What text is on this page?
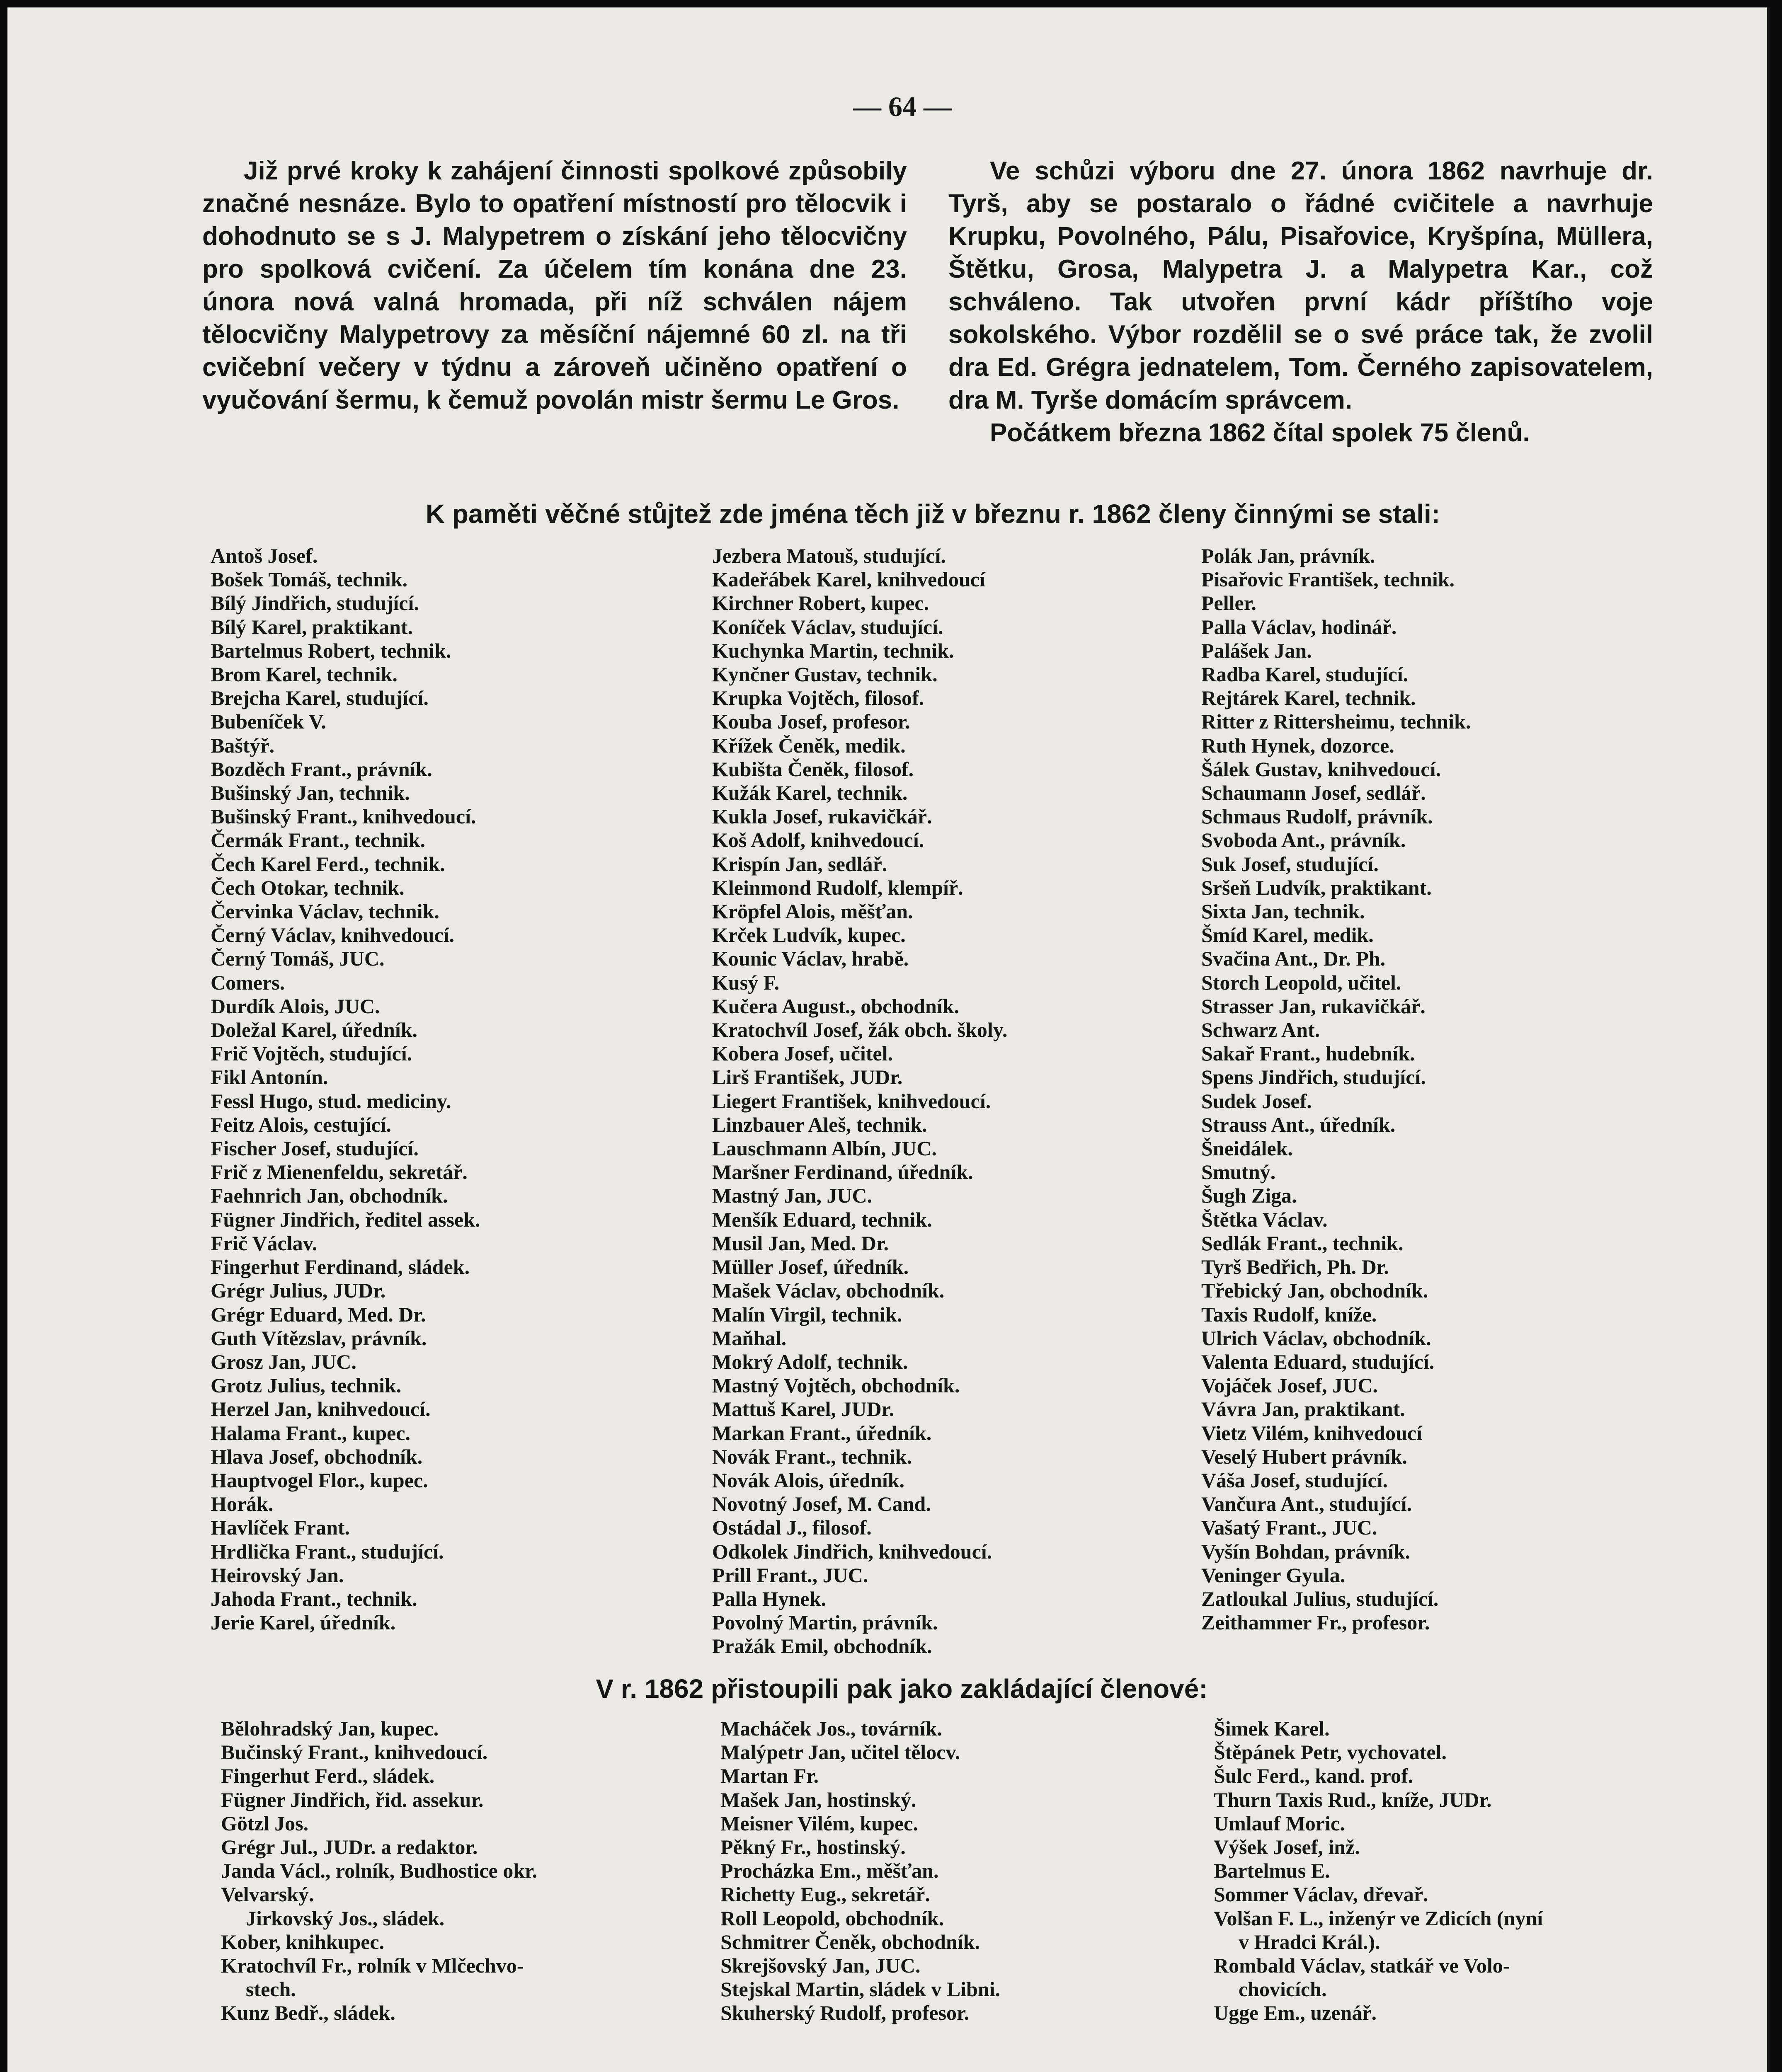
— 64 —

Již prvé kroky k zahájení činnosti spolkové způsobily značné nesnáze. Bylo to opatření místností pro tělocvik i dohodnuto se s J. Malypetrem o získání jeho tělocvičny pro spolková cvičení. Za účelem tím konána dne 23. února nová valná hromada, při níž schválen nájem tělocvičny Malypetrovy za měsíční nájemné 60 zl. na tři cvičební večery v týdnu a zároveň učiněno opatření o vyučování šermu, k čemuž povolán mistr šermu Le Gros.

Ve schůzi výboru dne 27. února 1862 navrhuje dr. Tyrš, aby se postaralo o řádné cvičitele a navrhuje Krupku, Povolného, Pálu, Pisařovice, Kryšpína, Müllera, Štětku, Grosa, Malypetra J. a Malypetra Kar., což schváleno. Tak utvořen první kádr příštího voje sokolského. Výbor rozdělil se o své práce tak, že zvolil dra Ed. Grégra jednatelem, Tom. Černého zapisovatelem, dra M. Tyrše domácím správcem.

Počátkem března 1862 čítal spolek 75 členů.

K paměti věčné stůjtež zde jména těch již v březnu r. 1862 členy činnými se stali:
Antoš Josef.
Bošek Tomáš, technik.
Bílý Jindřich, studující.
Bílý Karel, praktikant.
Bartelmus Robert, technik.
Brom Karel, technik.
Brejcha Karel, studující.
Bubeníček V.
Baštýř.
Bozděch Frant., právník.
Bušinský Jan, technik.
Bušinský Frant., knihvedoucí.
Čermák Frant., technik.
Čech Karel Ferd., technik.
Čech Otokar, technik.
Červinka Václav, technik.
Černý Václav, knihvedoucí.
Černý Tomáš, JUC.
Comers.
Durdík Alois, JUC.
Doležal Karel, úředník.
Frič Vojtěch, studující.
Fikl Antonín.
Fessl Hugo, stud. mediciny.
Feitz Alois, cestující.
Fischer Josef, studující.
Frič z Mienenfeldu, sekretář.
Faehnrich Jan, obchodník.
Fügner Jindřich, ředitel assek.
Frič Václav.
Fingerhut Ferdinand, sládek.
Grégr Julius, JUDr.
Grégr Eduard, Med. Dr.
Guth Vítězslav, právník.
Grosz Jan, JUC.
Grotz Julius, technik.
Herzel Jan, knihvedoucí.
Halama Frant., kupec.
Hlava Josef, obchodník.
Hauptvogel Flor., kupec.
Horák.
Havlíček Frant.
Hrdlička Frant., studující.
Heirovský Jan.
Jahoda Frant., technik.
Jerie Karel, úředník.
Jezbera Matouš, studující.
Kadeřábek Karel, knihvedoucí
Kirchner Robert, kupec.
Koníček Václav, studující.
Kuchynka Martin, technik.
Kynčner Gustav, technik.
Krupka Vojtěch, filosof.
Kouba Josef, profesor.
Křížek Čeněk, medik.
Kubišta Čeněk, filosof.
Kužák Karel, technik.
Kukla Josef, rukavičkář.
Koš Adolf, knihvedoucí.
Krispín Jan, sedlář.
Kleinmond Rudolf, klempíř.
Kröpfel Alois, měšťan.
Krček Ludvík, kupec.
Kounic Václav, hrabě.
Kusý F.
Kučera August., obchodník.
Kratochvíl Josef, žák obch. školy.
Kobera Josef, učitel.
Lirš František, JUDr.
Liegert František, knihvedoucí.
Linzbauer Aleš, technik.
Lauschmann Albín, JUC.
Maršner Ferdinand, úředník.
Mastný Jan, JUC.
Menšík Eduard, technik.
Musil Jan, Med. Dr.
Müller Josef, úředník.
Mašek Václav, obchodník.
Malín Virgil, technik.
Maňhal.
Mokrý Adolf, technik.
Mastný Vojtěch, obchodník.
Mattuš Karel, JUDr.
Markan Frant., úředník.
Novák Frant., technik.
Novák Alois, úředník.
Novotný Josef, M. Cand.
Ostádal J., filosof.
Odkolek Jindřich, knihvedoucí.
Prill Frant., JUC.
Palla Hynek.
Povolný Martin, právník.
Pražák Emil, obchodník.
Polák Jan, právník.
Pisařovic František, technik.
Peller.
Palla Václav, hodinář.
Palášek Jan.
Radba Karel, studující.
Rejtárek Karel, technik.
Ritter z Rittersheimu, technik.
Ruth Hynek, dozorce.
Šálek Gustav, knihvedoucí.
Schaumann Josef, sedlář.
Schmaus Rudolf, právník.
Svoboda Ant., právník.
Suk Josef, studující.
Sršeň Ludvík, praktikant.
Sixta Jan, technik.
Šmíd Karel, medik.
Svačina Ant., Dr. Ph.
Storch Leopold, učitel.
Strasser Jan, rukavičkář.
Schwarz Ant.
Sakař Frant., hudebník.
Spens Jindřich, studující.
Sudek Josef.
Strauss Ant., úředník.
Šneidálek.
Smutný.
Šugh Ziga.
Štětka Václav.
Sedlák Frant., technik.
Tyrš Bedřich, Ph. Dr.
Třebický Jan, obchodník.
Taxis Rudolf, kníže.
Ulrich Václav, obchodník.
Valenta Eduard, studující.
Vojáček Josef, JUC.
Vávra Jan, praktikant.
Vietz Vilém, knihvedoucí
Veselý Hubert právník.
Váša Josef, studující.
Vančura Ant., studující.
Vašatý Frant., JUC.
Vyšín Bohdan, právník.
Veninger Gyula.
Zatloukal Julius, studující.
Zeithammer Fr., profesor.
V r. 1862 přistoupili pak jako zakládající členové:
Bělohradský Jan, kupec.
Bučinský Frant., knihvedoucí.
Fingerhut Ferd., sládek.
Fügner Jindřich, řid. assekur.
Götzl Jos.
Grégr Jul., JUDr. a redaktor.
Janda Václ., rolník, Budhostice okr.
Velvarský.
Jirkovský Jos., sládek.
Kober, knihkupec.
Kratochvíl Fr., rolník v Mlčechvo-
stech.
Kunz Bedř., sládek.
Macháček Jos., továrník.
Malýpetr Jan, učitel tělocv.
Martan Fr.
Mašek Jan, hostinský.
Meisner Vilém, kupec.
Pěkný Fr., hostinský.
Procházka Em., měšťan.
Richetty Eug., sekretář.
Roll Leopold, obchodník.
Schmitrer Čeněk, obchodník.
Skrejšovský Jan, JUC.
Stejskal Martin, sládek v Libni.
Skuherský Rudolf, profesor.
Šimek Karel.
Štěpánek Petr, vychovatel.
Šulc Ferd., kand. prof.
Thurn Taxis Rud., kníže, JUDr.
Umlauf Moric.
Výšek Josef, inž.
Bartelmus E.
Sommer Václav, dřevař.
Volšan F. L., inženýr ve Zdicích (nyní
v Hradci Král.).
Rombald Václav, statkář ve Volo-
chovicích.
Ugge Em., uzenář.
